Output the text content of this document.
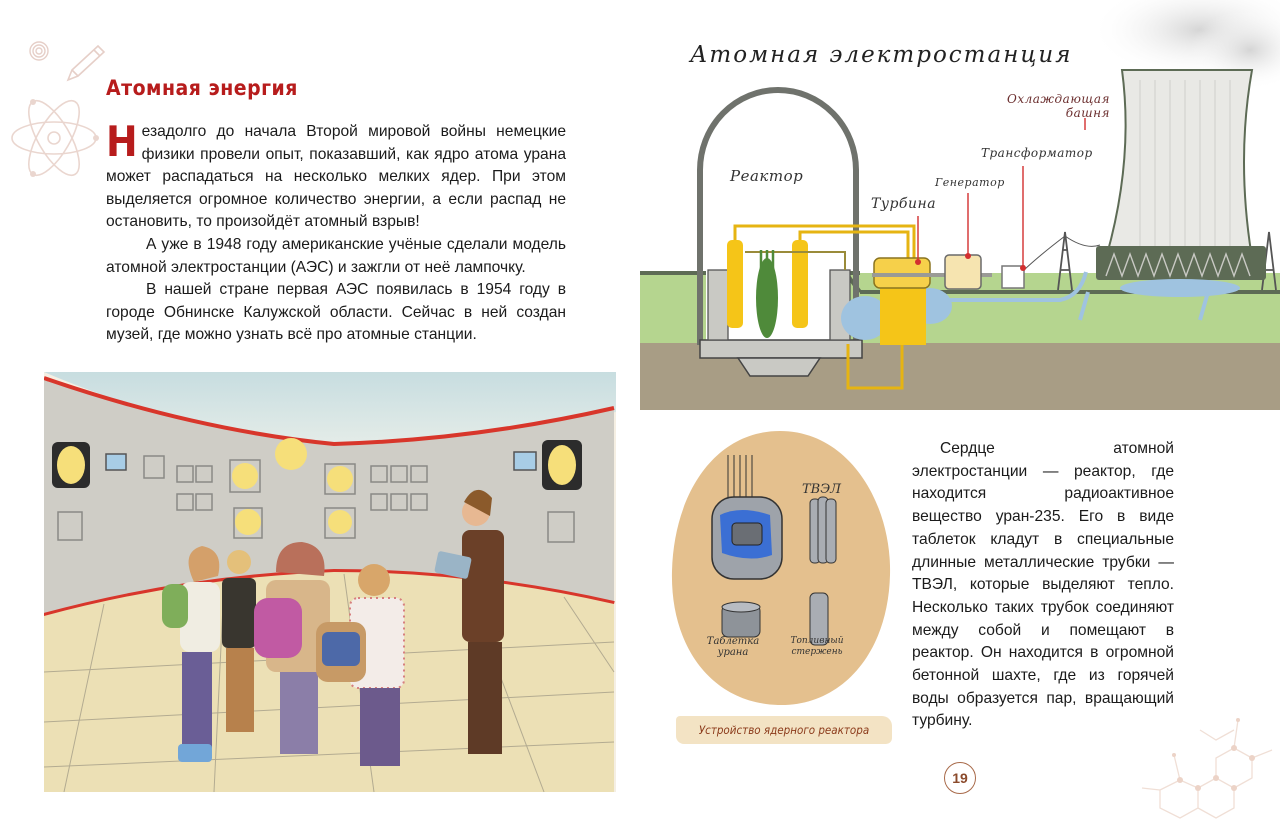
Атомная энергия

Незадолго до начала Второй мировой войны немецкие физики провели опыт, показавший, как ядро атома урана может распадаться на несколько мелких ядер. При этом выделяется огромное количество энергии, а если распад не остановить, то произойдёт атомный взрыв!

А уже в 1948 году американские учёные сделали модель атомной электростанции (АЭС) и зажгли от неё лампочку.

В нашей стране первая АЭС появилась в 1954 году в городе Обнинске Калужской области. Сейчас в ней создан музей, где можно узнать всё про атомные станции.

Атомная электростанция
Реактор
Турбина
Генератор
Трансформатор
Охлаждающая башня
ТВЭЛ
Таблетка урана
Топливный стержень
Устройство ядерного реактора

Сердце атомной электростанции — реактор, где находится радиоактивное вещество уран-235. Его в виде таблеток кладут в специальные длинные металлические трубки — ТВЭЛ, которые выделяют тепло. Несколько таких трубок соединяют между собой и помещают в реактор. Он находится в огромной бетонной шахте, где из горячей воды образуется пар, вращающий турбину.

19
